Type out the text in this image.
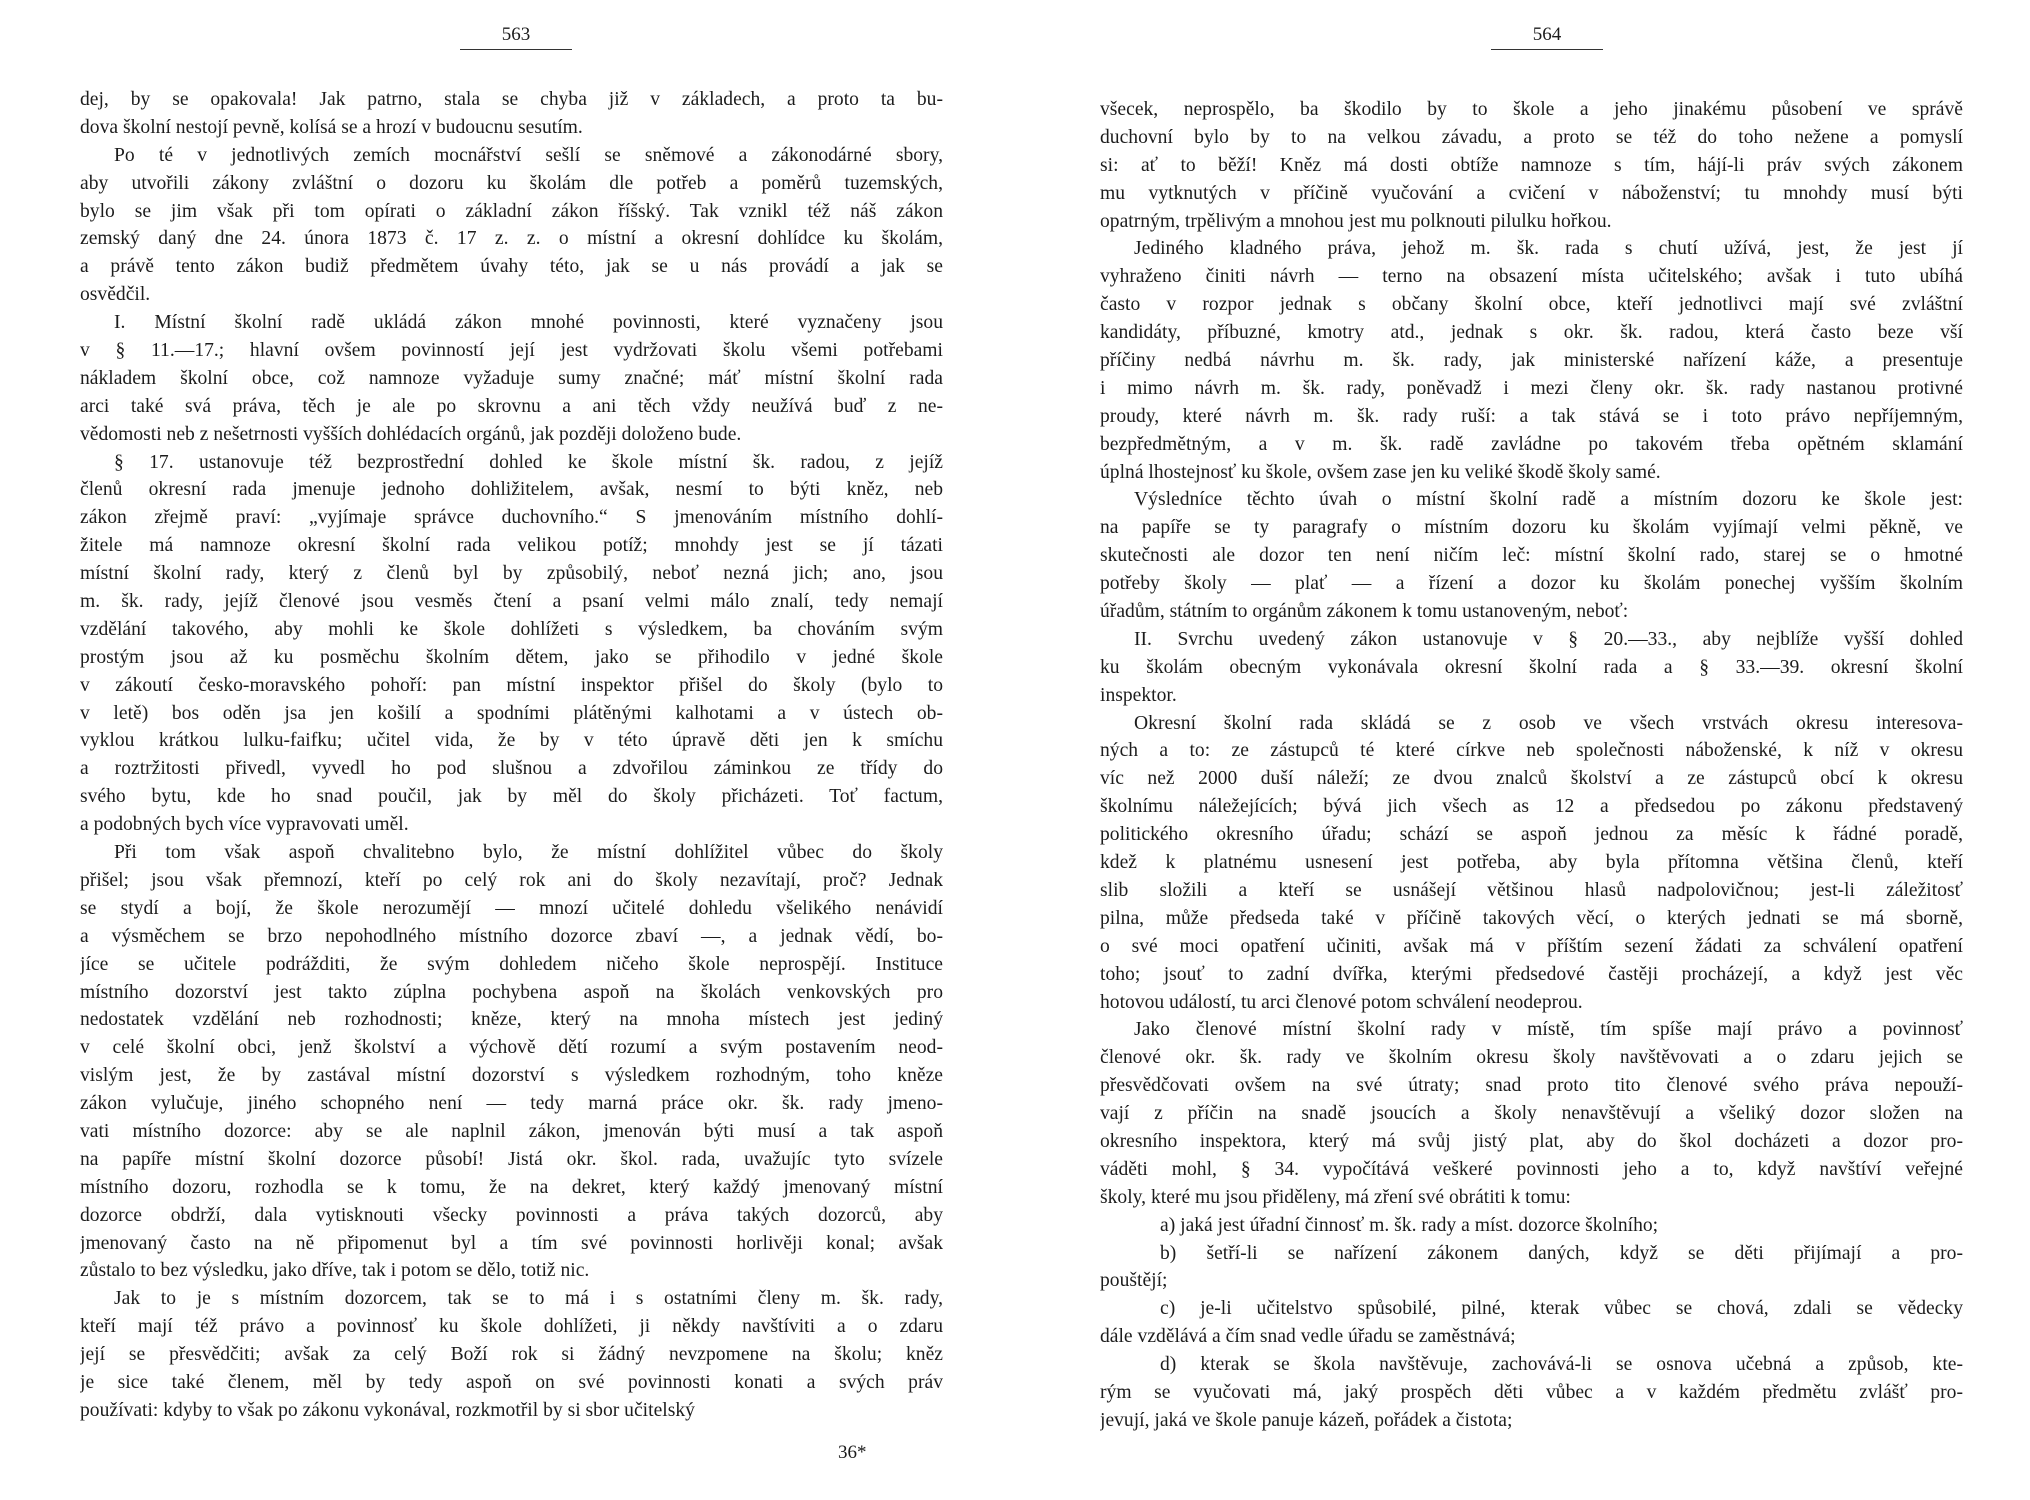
563
dej, by se opakovala! Jak patrno, stala se chyba již v základech, a proto ta bu-
dova školní nestojí pevně, kolísá se a hrozí v budoucnu sesutím.
Po té v jednotlivých zemích mocnářství sešlí se sněmové a zákonodárné sbory,
aby utvořili zákony zvláštní o dozoru ku školám dle potřeb a poměrů tuzemských,
bylo se jim však při tom opírati o základní zákon říšský. Tak vznikl též náš zákon
zemský daný dne 24. února 1873 č. 17 z. z. o místní a okresní dohlídce ku školám,
a právě tento zákon budiž předmětem úvahy této, jak se u nás provádí a jak se
osvědčil.
I. Místní školní radě ukládá zákon mnohé povinnosti, které vyznačeny jsou
v § 11.—17.; hlavní ovšem povinností její jest vydržovati školu všemi potřebami
nákladem školní obce, což namnoze vyžaduje sumy značné; máť místní školní rada
arci také svá práva, těch je ale po skrovnu a ani těch vždy neužívá buď z ne-
vědomosti neb z nešetrnosti vyšších dohlédacích orgánů, jak později doloženo bude.
§ 17. ustanovuje též bezprostřední dohled ke škole místní šk. radou, z jejíž
členů okresní rada jmenuje jednoho dohližitelem, avšak, nesmí to býti kněz, neb
zákon zřejmě praví: „vyjímaje správce duchovního.“ S jmenováním místního dohlí-
žitele má namnoze okresní školní rada velikou potíž; mnohdy jest se jí tázati
místní školní rady, který z členů byl by způsobilý, neboť nezná jich; ano, jsou
m. šk. rady, jejíž členové jsou vesměs čtení a psaní velmi málo znalí, tedy nemají
vzdělání takového, aby mohli ke škole dohlížeti s výsledkem, ba chováním svým
prostým jsou až ku posměchu školním dětem, jako se přihodilo v jedné škole
v zákoutí česko-moravského pohoří: pan místní inspektor přišel do školy (bylo to
v letě) bos oděn jsa jen košilí a spodními plátěnými kalhotami a v ústech ob-
vyklou krátkou lulku-faifku; učitel vida, že by v této úpravě děti jen k smíchu
a roztržitosti přivedl, vyvedl ho pod slušnou a zdvořilou záminkou ze třídy do
svého bytu, kde ho snad poučil, jak by měl do školy přicházeti. Toť factum,
a podobných bych více vypravovati uměl.
Při tom však aspoň chvalitebno bylo, že místní dohlížitel vůbec do školy
přišel; jsou však přemnozí, kteří po celý rok ani do školy nezavítají, proč? Jednak
se stydí a bojí, že škole nerozumějí — mnozí učitelé dohledu všelikého nenávidí
a výsměchem se brzo nepohodlného místního dozorce zbaví —, a jednak vědí, bo-
jíce se učitele podrážditi, že svým dohledem ničeho škole neprospějí. Instituce
místního dozorství jest takto zúplna pochybena aspoň na školách venkovských pro
nedostatek vzdělání neb rozhodnosti; kněze, který na mnoha místech jest jediný
v celé školní obci, jenž školství a výchově dětí rozumí a svým postavením neod-
vislým jest, že by zastával místní dozorství s výsledkem rozhodným, toho kněze
zákon vylučuje, jiného schopného není — tedy marná práce okr. šk. rady jmeno-
vati místního dozorce: aby se ale naplnil zákon, jmenován býti musí a tak aspoň
na papíře místní školní dozorce působí! Jistá okr. škol. rada, uvažujíc tyto svízele
místního dozoru, rozhodla se k tomu, že na dekret, který každý jmenovaný místní
dozorce obdrží, dala vytisknouti všecky povinnosti a práva takých dozorců, aby
jmenovaný často na ně připomenut byl a tím své povinnosti horlivěji konal; avšak
zůstalo to bez výsledku, jako dříve, tak i potom se dělo, totiž nic.
Jak to je s místním dozorcem, tak se to má i s ostatními členy m. šk. rady,
kteří mají též právo a povinnosť ku škole dohlížeti, ji někdy navštíviti a o zdaru
její se přesvědčiti; avšak za celý Boží rok si žádný nevzpomene na školu; kněz
je sice také členem, měl by tedy aspoň on své povinnosti konati a svých práv
používati: kdyby to však po zákonu vykonával, rozkmotřil by si sbor učitelský
36*
564
všecek, neprospělo, ba škodilo by to škole a jeho jinakému působení ve správě
duchovní bylo by to na velkou závadu, a proto se též do toho nežene a pomyslí
si: ať to běží! Kněz má dosti obtíže namnoze s tím, hájí-li práv svých zákonem
mu vytknutých v příčině vyučování a cvičení v náboženství; tu mnohdy musí býti
opatrným, trpělivým a mnohou jest mu polknouti pilulku hořkou.
Jediného kladného práva, jehož m. šk. rada s chutí užívá, jest, že jest jí
vyhraženo činiti návrh — terno na obsazení místa učitelského; avšak i tuto ubíhá
často v rozpor jednak s občany školní obce, kteří jednotlivci mají své zvláštní
kandidáty, příbuzné, kmotry atd., jednak s okr. šk. radou, která často beze vší
příčiny nedbá návrhu m. šk. rady, jak ministerské nařízení káže, a presentuje
i mimo návrh m. šk. rady, poněvadž i mezi členy okr. šk. rady nastanou protivné
proudy, které návrh m. šk. rady ruší: a tak stává se i toto právo nepříjemným,
bezpředmětným, a v m. šk. radě zavládne po takovém třeba opětném sklamání
úplná lhostejnosť ku škole, ovšem zase jen ku veliké škodě školy samé.
Výsledníce těchto úvah o místní školní radě a místním dozoru ke škole jest:
na papíře se ty paragrafy o místním dozoru ku školám vyjímají velmi pěkně, ve
skutečnosti ale dozor ten není ničím leč: místní školní rado, starej se o hmotné
potřeby školy — plať — a řízení a dozor ku školám ponechej vyšším školním
úřadům, státním to orgánům zákonem k tomu ustanoveným, neboť:
II. Svrchu uvedený zákon ustanovuje v § 20.—33., aby nejblíže vyšší dohled
ku školám obecným vykonávala okresní školní rada a § 33.—39. okresní školní
inspektor.
Okresní školní rada skládá se z osob ve všech vrstvách okresu interesova-
ných a to: ze zástupců té které církve neb společnosti náboženské, k níž v okresu
víc než 2000 duší náleží; ze dvou znalců školství a ze zástupců obcí k okresu
školnímu náležejících; bývá jich všech as 12 a předsedou po zákonu představený
politického okresního úřadu; schází se aspoň jednou za měsíc k řádné poradě,
kdež k platnému usnesení jest potřeba, aby byla přítomna většina členů, kteří
slib složili a kteří se usnášejí většinou hlasů nadpolovičnou; jest-li záležitosť
pilna, může předseda také v příčině takových věcí, o kterých jednati se má sborně,
o své moci opatření učiniti, avšak má v příštím sezení žádati za schválení opatření
toho; jsouť to zadní dvířka, kterými předsedové častěji procházejí, a když jest věc
hotovou událostí, tu arci členové potom schválení neodeprou.
Jako členové místní školní rady v místě, tím spíše mají právo a povinnosť
členové okr. šk. rady ve školním okresu školy navštěvovati a o zdaru jejich se
přesvědčovati ovšem na své útraty; snad proto tito členové svého práva nepouží-
vají z příčin na snadě jsoucích a školy nenavštěvují a všeliký dozor složen na
okresního inspektora, který má svůj jistý plat, aby do škol docházeti a dozor pro-
váděti mohl, § 34. vypočítává veškeré povinnosti jeho a to, když navštíví veřejné
školy, které mu jsou přiděleny, má zření své obrátiti k tomu:
a) jaká jest úřadní činnosť m. šk. rady a míst. dozorce školního;
b) šetří-li se nařízení zákonem daných, když se děti přijímají a pro-
pouštějí;
c) je-li učitelstvo spůsobilé, pilné, kterak vůbec se chová, zdali se vědecky
dále vzdělává a čím snad vedle úřadu se zaměstnává;
d) kterak se škola navštěvuje, zachovává-li se osnova učebná a způsob, kte-
rým se vyučovati má, jaký prospěch děti vůbec a v každém předmětu zvlášť pro-
jevují, jaká ve škole panuje kázeň, pořádek a čistota;
